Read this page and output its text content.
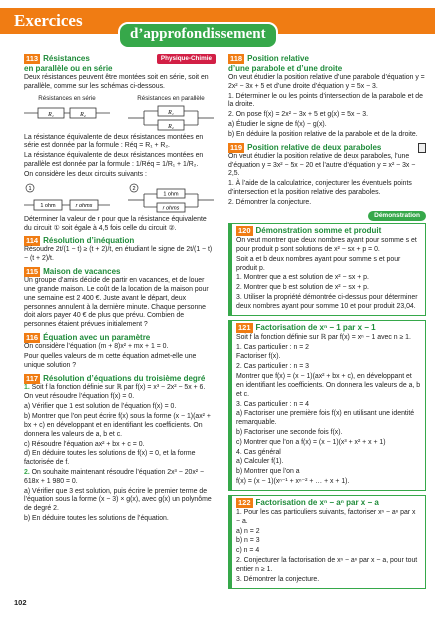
Exercices
d’approfondissement
113 Résistances	Physique-Chimie
en parallèle ou en série

Deux résistances peuvent être montées soit en série, soit en parallèle, comme sur les schémas ci-dessous.

Résistances en série
R₁	R₂
Résistances en parallèle
R₁
R₂

La résistance équivalente de deux résistances montées en série est donnée par la formule : Réq = R₁ + R₂.

La résistance équivalente de deux résistances montées en parallèle est donnée par la formule : 1/Réq = 1/R₁ + 1/R₂.

On considère les deux circuits suivants :

1
1 ohm	r ohms
2
1 ohm
r ohms

Déterminer la valeur de r pour que la résistance équivalente du circuit ① soit égale à 4,5 fois celle du circuit ②.

114 Résolution d’inéquation

Résoudre 2t/(1 − t) ≥ (t + 2)/t, en étudiant le signe de 2t/(1 − t) − (t + 2)/t.

115 Maison de vacances

Un groupe d’amis décide de partir en vacances, et de louer une grande maison. Le coût de la location de la maison pour une semaine est 2 400 €. Juste avant le départ, deux personnes annulent à la dernière minute. Chaque personne doit alors payer 40 € de plus que prévu. Combien de personnes étaient prévues initialement ?

116 Équation avec un paramètre

On considère l’équation (m + 8)x² + mx + 1 = 0.

Pour quelles valeurs de m cette équation admet-elle une unique solution ?

117 Résolution d’équations du troisième degré

1. Soit f la fonction définie sur ℝ par f(x) = x³ − 2x² − 5x + 6.

On veut résoudre l’équation f(x) = 0.

a) Vérifier que 1 est solution de l’équation f(x) = 0.

b) Montrer que l’on peut écrire f(x) sous la forme (x − 1)(ax² + bx + c) en développant et en identifiant les coefficients. On donnera les valeurs de a, b et c.

c) Résoudre l’équation ax² + bx + c = 0.

d) En déduire toutes les solutions de f(x) = 0, et la forme factorisée de f.

2. On souhaite maintenant résoudre l’équation 2x³ − 20x² − 618x + 1 980 = 0.

a) Vérifier que 3 est solution, puis écrire le premier terme de l’équation sous la forme (x − 3) × g(x), avec g(x) un polynôme de degré 2.

b) En déduire toutes les solutions de l’équation.

118 Position relative
d’une parabole et d’une droite

On veut étudier la position relative d’une parabole d’équation y = 2x² − 3x + 5 et d’une droite d’équation y = 5x − 3.

1. Déterminer le ou les points d’intersection de la parabole et de la droite.

2. On pose f(x) = 2x² − 3x + 5 et g(x) = 5x − 3.

a) Étudier le signe de f(x) − g(x).

b) En déduire la position relative de la parabole et de la droite.

119 Position relative de deux paraboles

On veut étudier la position relative de deux paraboles, l’une d’équation y = 3x² − 5x − 20 et l’autre d’équation y = x² − 3x − 2,5.

1. À l’aide de la calculatrice, conjecturer les éventuels points d’intersection et la position relative des paraboles.

2. Démontrer la conjecture.

Démonstration
120 Démonstration somme et produit

On veut montrer que deux nombres ayant pour somme s et pour produit p sont solutions de x² − sx + p = 0.

Soit a et b deux nombres ayant pour somme s et pour produit p.

1. Montrer que a est solution de x² − sx + p.

2. Montrer que b est solution de x² − sx + p.

3. Utiliser la propriété démontrée ci-dessus pour déterminer deux nombres ayant pour somme 10 et pour produit 23,04.

121 Factorisation de xⁿ − 1 par x − 1

Soit f la fonction définie sur ℝ par f(x) = xⁿ − 1 avec n ≥ 1.

1. Cas particulier : n = 2

Factoriser f(x).

2. Cas particulier : n = 3

Montrer que f(x) = (x − 1)(ax² + bx + c), en développant et en identifiant les coefficients. On donnera les valeurs de a, b et c.

3. Cas particulier : n = 4

a) Factoriser une première fois f(x) en utilisant une identité remarquable.

b) Factoriser une seconde fois f(x).

c) Montrer que l’on a f(x) = (x − 1)(x³ + x² + x + 1)

4. Cas général

a) Calculer f(1).

b) Montrer que l’on a

f(x) = (x − 1)(xⁿ⁻¹ + xⁿ⁻² + … + x + 1).

122 Factorisation de xⁿ − aⁿ par x − a

1. Pour les cas particuliers suivants, factoriser xⁿ − aⁿ par x − a.

a) n = 2

b) n = 3

c) n = 4

2. Conjecturer la factorisation de xⁿ − aⁿ par x − a, pour tout entier n ≥ 1.

3. Démontrer la conjecture.

102
